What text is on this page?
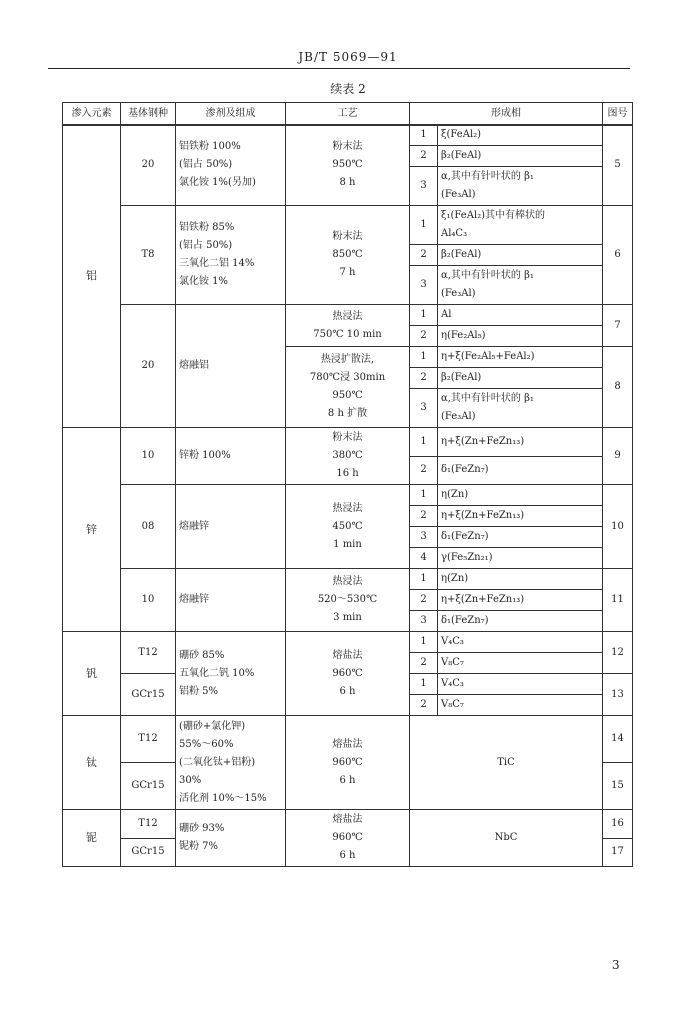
JB/T 5069—91
续表 2
渗入元素	基体钢种	渗剂及组成	工艺	形成相	图号
铝	20	铝铁粉 100%
(铝占 50%)
氯化铵 1%(另加)	粉末法
950℃
8 h	1	ξ(FeAl₂)	5
				2	β₂(FeAl)	
				3	α,其中有针叶状的 β₁
(Fe₃Al)	
	T8	铝铁粉 85%
(铝占 50%)
三氧化二铝 14%
氯化铵 1%	粉末法
850℃
7 h	1	ξ₁(FeAl₂)其中有棒状的
Al₄C₃	6
				2	β₂(FeAl)	
				3	α,其中有针叶状的 β₁
(Fe₃Al)	
	20	熔融铝	热浸法
750℃ 10 min	1	Al	7
				2	η(Fe₂Al₅)	
			热浸扩散法,
780℃浸 30min
950℃
8 h 扩散	1	η+ξ(Fe₂Al₅+FeAl₂)	8
				2	β₂(FeAl)	
				3	α,其中有针叶状的 β₁
(Fe₃Al)	
锌	10	锌粉 100%	粉末法
380℃
16 h	1	η+ξ(Zn+FeZn₁₃)	9
				2	δ₁(FeZn₇)	
	08	熔融锌	热浸法
450℃
1 min	1	η(Zn)	10
				2	η+ξ(Zn+FeZn₁₃)	
				3	δ₁(FeZn₇)	
				4	γ(Fe₅Zn₂₁)	
	10	熔融锌	热浸法
520～530℃
3 min	1	η(Zn)	11
				2	η+ξ(Zn+FeZn₁₃)	
				3	δ₁(FeZn₇)	
钒	T12	硼砂 85%
五氧化二钒 10%
铝粉 5%	熔盐法
960℃
6 h	1	V₄C₃	12
				2	V₈C₇	
	GCr15			1	V₄C₃	13
				2	V₈C₇	
钛	T12	(硼砂+氯化钾)
55%～60%
(二氧化钛+铝粉)
30%
活化剂 10%～15%	熔盐法
960℃
6 h	TiC		14
	GCr15					15
铌	T12	硼砂 93%
铌粉 7%	熔盐法
960℃
6 h	NbC		16
	GCr15					17
3
